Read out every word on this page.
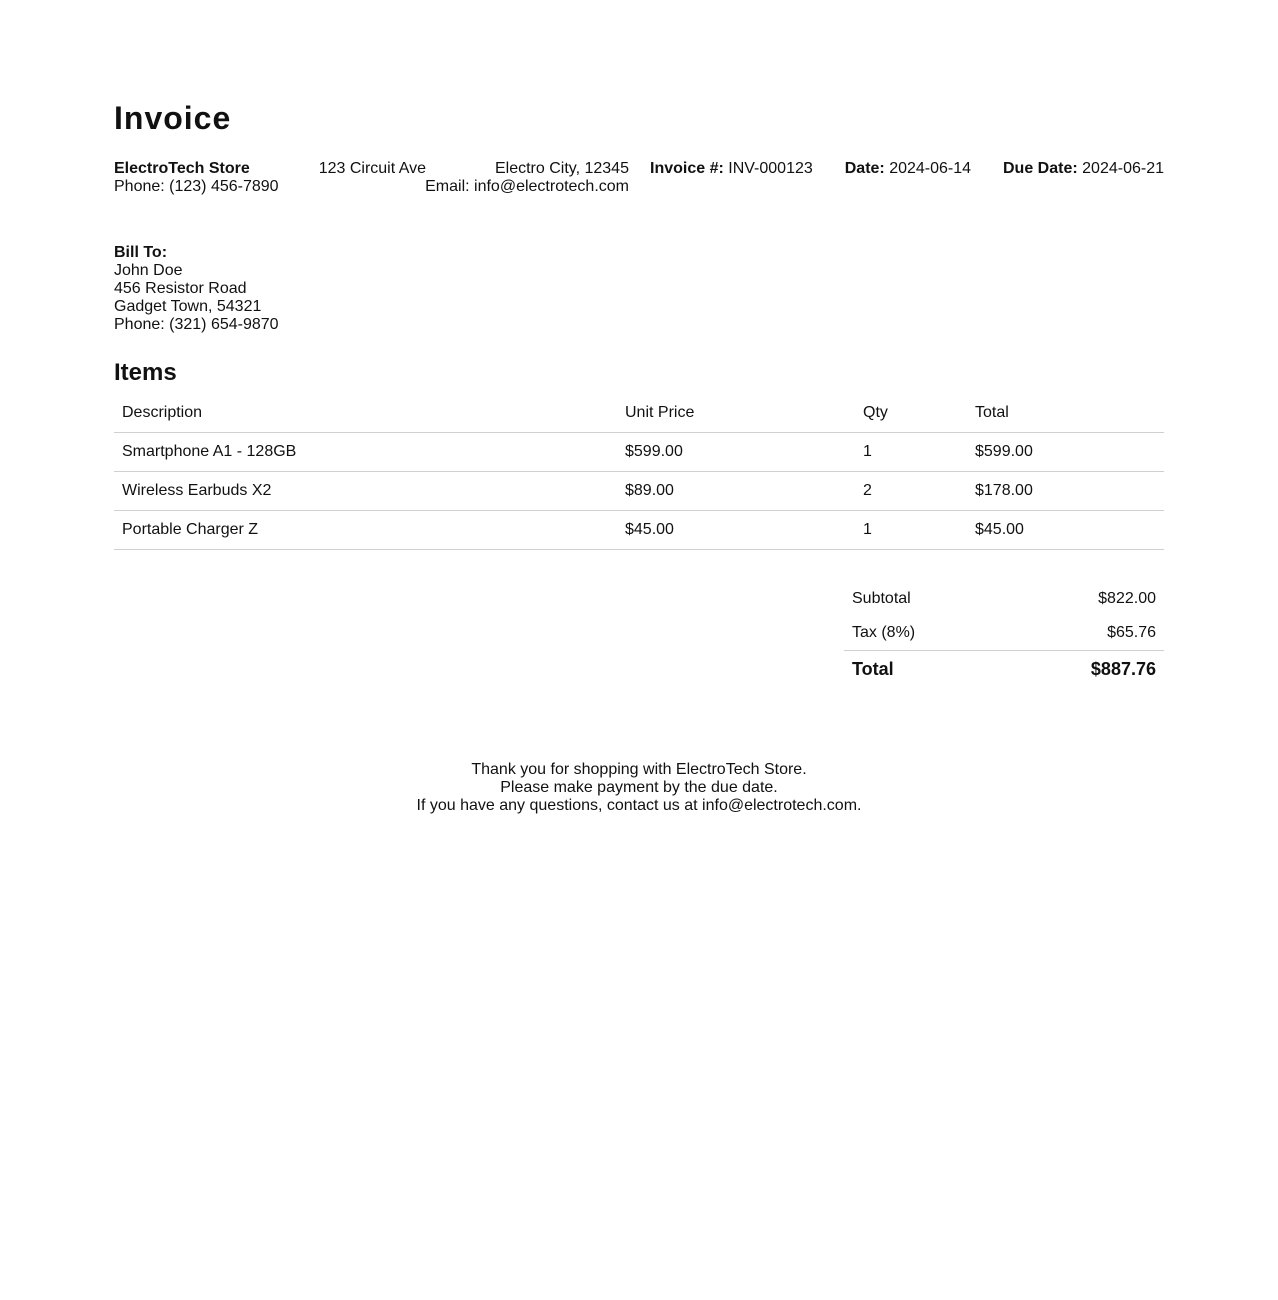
Invoice
ElectroTech Store	123 Circuit Ave	Electro City, 12345
Phone: (123) 456-7890	Email: info@electrotech.com
Invoice #: INV-000123 Date: 2024-06-14 Due Date: 2024-06-21
Bill To:
John Doe
456 Resistor Road
Gadget Town, 54321
Phone: (321) 654-9870
Items
Description	Unit Price	Qty	Total
Smartphone A1 - 128GB	$599.00	1	$599.00
Wireless Earbuds X2	$89.00	2	$178.00
Portable Charger Z	$45.00	1	$45.00
Subtotal	$822.00
Tax (8%)	$65.76
Total	$887.76
Thank you for shopping with ElectroTech Store.
Please make payment by the due date.
If you have any questions, contact us at info@electrotech.com.
